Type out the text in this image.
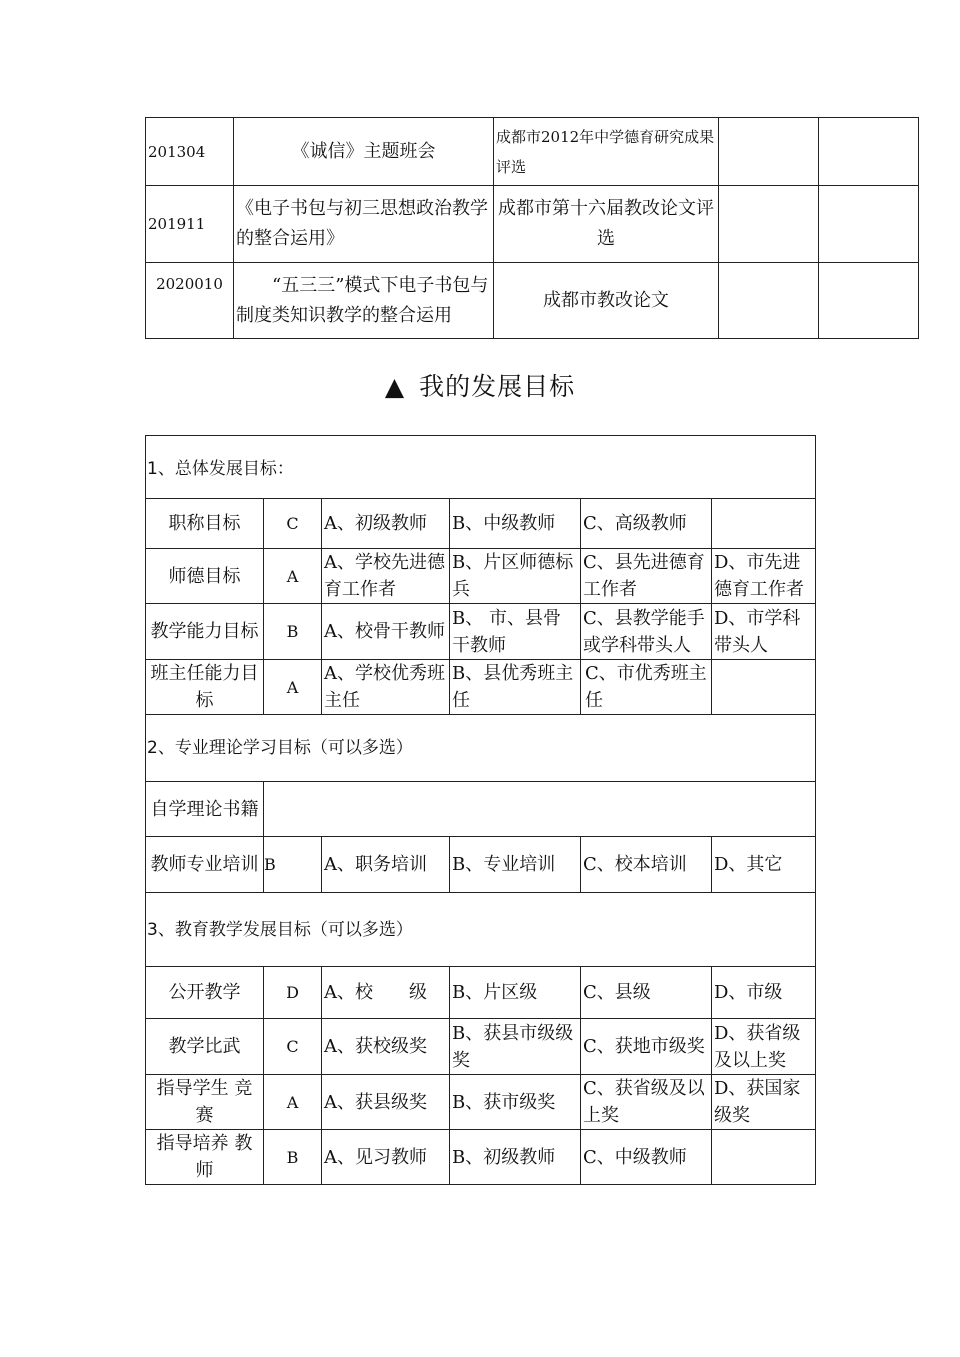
201304	《诚信》主题班会	成都市2012年中学德育研究成果评选		
201911	《电子书包与初三思想政治教学的整合运用》	成都市第十六届教改论文评选		
2020010	“五三三”模式下电子书包与制度类知识教学的整合运用	成都市教改论文		
▲ 我的发展目标
1、总体发展目标：					
职称目标	C	A、初级教师	B、中级教师	C、高级教师	
师德目标	A	A、学校先进德育工作者	B、片区师德标兵	C、县先进德育工作者	D、市先进德育工作者
教学能力目标	B	A、校骨干教师	B、 市、县骨干教师	C、县教学能手或学科带头人	D、市学科带头人
班主任能力目标	A	A、学校优秀班主任	B、县优秀班主任	C、市优秀班主任	
2、专业理论学习目标（可以多选）					
自学理论书籍					
教师专业培训	B	A、职务培训	B、专业培训	C、校本培训	D、其它
3、教育教学发展目标（可以多选）					
公开教学	D	A、校　　级	B、片区级	C、县级	D、市级
教学比武	C	A、获校级奖	B、获县市级级奖	C、获地市级奖	D、获省级及以上奖
指导学生 竞赛	A	A、获县级奖	B、获市级奖	C、获省级及以上奖	D、获国家级奖
指导培养 教师	B	A、见习教师	B、初级教师	C、中级教师	
